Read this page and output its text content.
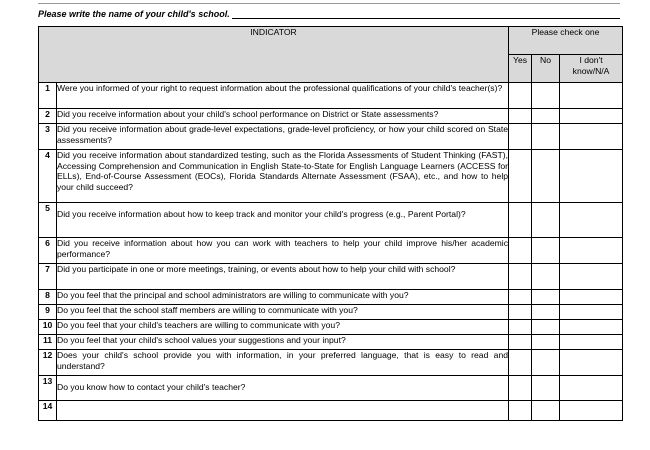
Please write the name of your child's school.
INDICATOR		Please check one		
		Yes	No	I don't know/N/A
1	Were you informed of your right to request information about the professional qualifications of your child's teacher(s)?			
2	Did you receive information about your child's school performance on District or State assessments?			
3	Did you receive information about grade-level expectations, grade-level proficiency, or how your child scored on State assessments?			
4	Did you receive information about standardized testing, such as the Florida Assessments of Student Thinking (FAST), Accessing Comprehension and Communication in English State-to-State for English Language Learners (ACCESS for ELLs), End-of-Course Assessment (EOCs), Florida Standards Alternate Assessment (FSAA), etc., and how to help your child succeed?			
5	Did you receive information about how to keep track and monitor your child's progress (e.g., Parent Portal)?			
6	Did you receive information about how you can work with teachers to help your child improve his/her academic performance?			
7	Did you participate in one or more meetings, training, or events about how to help your child with school?			
8	Do you feel that the principal and school administrators are willing to communicate with you?			
9	Do you feel that the school staff members are willing to communicate with you?			
10	Do you feel that your child's teachers are willing to communicate with you?			
11	Do you feel that your child's school values your suggestions and your input?			
12	Does your child's school provide you with information, in your preferred language, that is easy to read and understand?			
13	Do you know how to contact your child's teacher?			
14				
